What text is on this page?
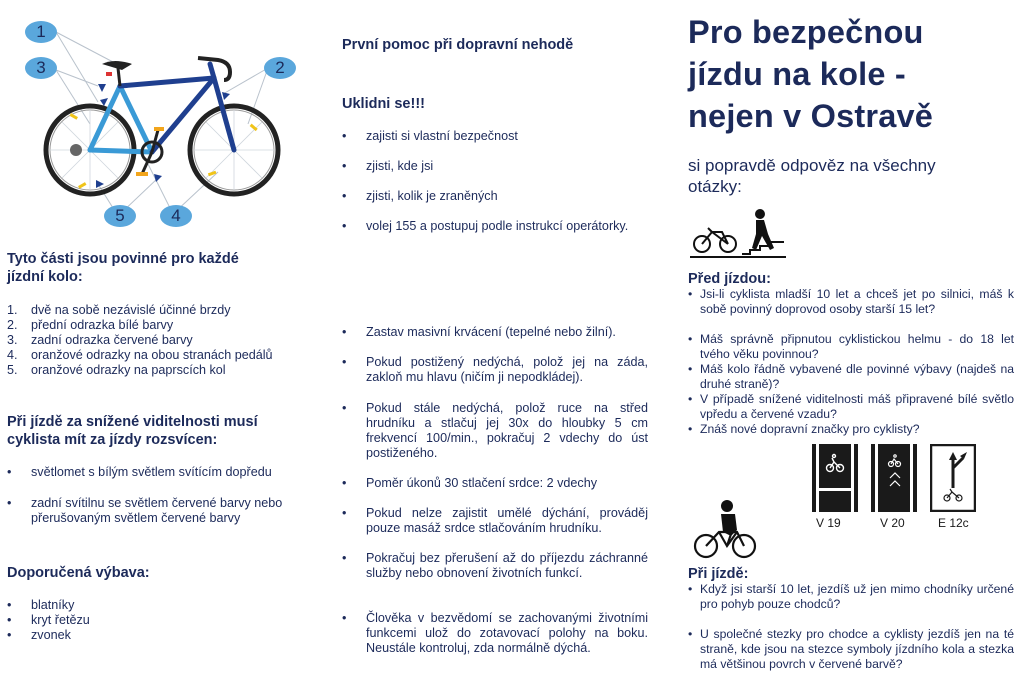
1
2
3
4
5
Tyto části jsou povinné pro každé jízdní kolo:
1. dvě na sobě nezávislé účinné brzdy
2. přední odrazka bílé barvy
3. zadní odrazka červené barvy
4. oranžové odrazky na obou stranách pedálů
5. oranžové odrazky na paprscích kol
Při jízdě za snížené viditelnosti musí cyklista mít za jízdy rozsvícen:
• světlomet s bílým světlem svítícím dopředu
• zadní svítilnu se světlem červené barvy nebo přerušovaným světlem červené barvy
Doporučená výbava:
• blatníky
• kryt řetězu
• zvonek
První pomoc při dopravní nehodě
Uklidni se!!!
• zajisti si vlastní bezpečnost
• zjisti, kde jsi
• zjisti, kolik je zraněných
• volej 155 a postupuj podle instrukcí operátorky.
• Zastav masivní krvácení (tepelné nebo žilní).
• Pokud postižený nedýchá, polož jej na záda, zakloň mu hlavu (ničím ji nepodkládej).
• Pokud stále nedýchá, polož ruce na střed hrudníku a stlačuj jej 30x do hloubky 5 cm frekvencí 100/min., pokračuj 2 vdechy do úst postiženého.
• Poměr úkonů 30 stlačení srdce: 2 vdechy
• Pokud nelze zajistit umělé dýchání, prováděj pouze masáž srdce stlačováním hrudníku.
• Pokračuj bez přerušení až do příjezdu záchranné služby nebo obnovení životních funkcí.
• Člověka v bezvědomí se zachovanými životními funkcemi ulož do zotavovací polohy na boku. Neustále kontroluj, zda normálně dýchá.
Pro bezpečnou
jízdu na kole -
nejen v Ostravě
si popravdě odpověz na všechny otázky:
Před jízdou:
• Jsi-li cyklista mladší 10 let a chceš jet po silnici, máš k sobě povinný doprovod osoby starší 15 let?
• Máš správně připnutou cyklistickou helmu - do 18 let tvého věku povinnou?
• Máš kolo řádně vybavené dle povinné výbavy (najdeš na druhé straně)?
• V případě snížené viditelnosti máš připravené bílé světlo vpředu a červené vzadu?
• Znáš nové dopravní značky pro cyklisty?
V 19	V 20	E 12c
Při jízdě:
• Když jsi starší 10 let, jezdíš už jen mimo chodníky určené pro pohyb pouze chodců?
• U společné stezky pro chodce a cyklisty jezdíš jen na té straně, kde jsou na stezce symboly jízdního kola a stezka má většinou povrch v červené barvě?
